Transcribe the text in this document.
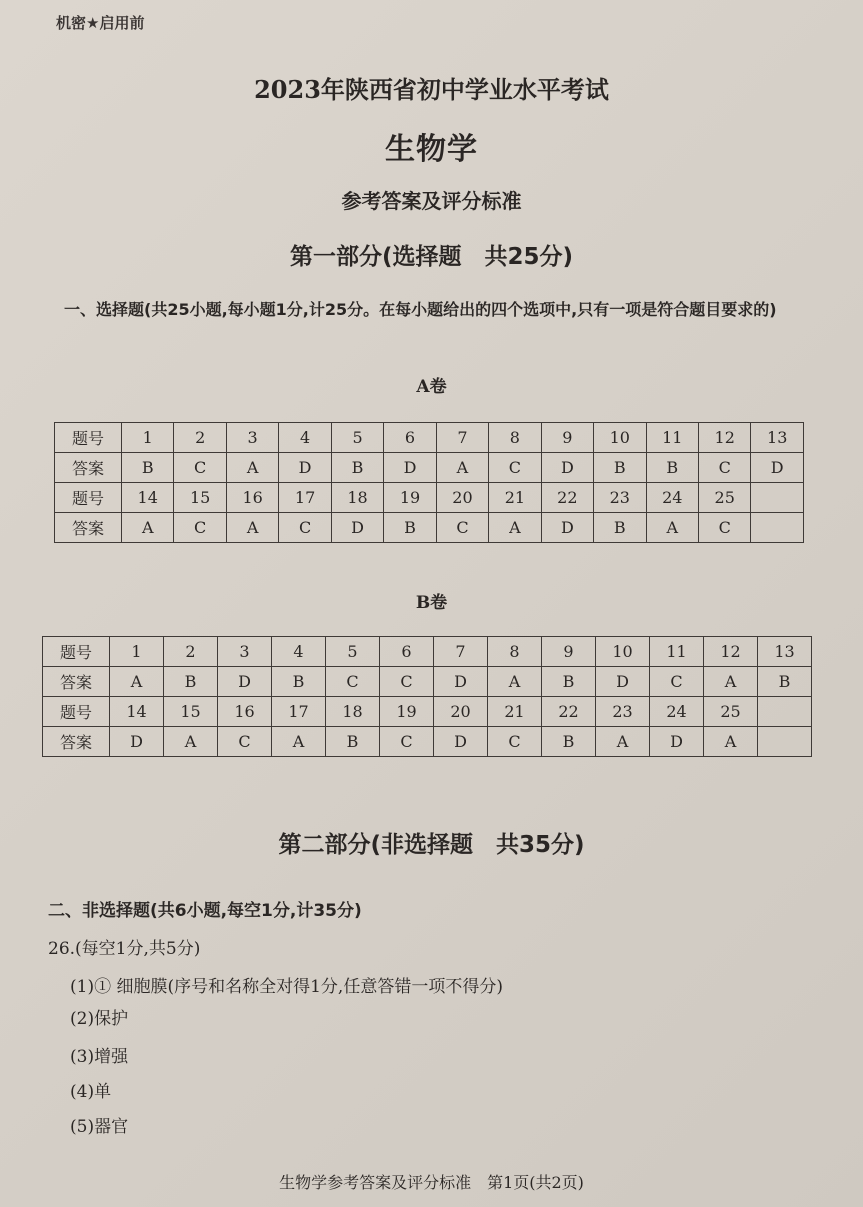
机密★启用前
2023年陕西省初中学业水平考试
生物学
参考答案及评分标准
第一部分(选择题　共25分)
一、选择题(共25小题,每小题1分,计25分。在每小题给出的四个选项中,只有一项是符合题目要求的)
A卷
题号	1	2	3	4	5	6	7	8	9	10	11	12	13
答案	B	C	A	D	B	D	A	C	D	B	B	C	D
题号	14	15	16	17	18	19	20	21	22	23	24	25	
答案	A	C	A	C	D	B	C	A	D	B	A	C	
B卷
题号	1	2	3	4	5	6	7	8	9	10	11	12	13
答案	A	B	D	B	C	C	D	A	B	D	C	A	B
题号	14	15	16	17	18	19	20	21	22	23	24	25	
答案	D	A	C	A	B	C	D	C	B	A	D	A	
第二部分(非选择题　共35分)
二、非选择题(共6小题,每空1分,计35分)
26.(每空1分,共5分)
(1)① 细胞膜(序号和名称全对得1分,任意答错一项不得分)
(2)保护
(3)增强
(4)单
(5)器官
生物学参考答案及评分标准　第1页(共2页)
